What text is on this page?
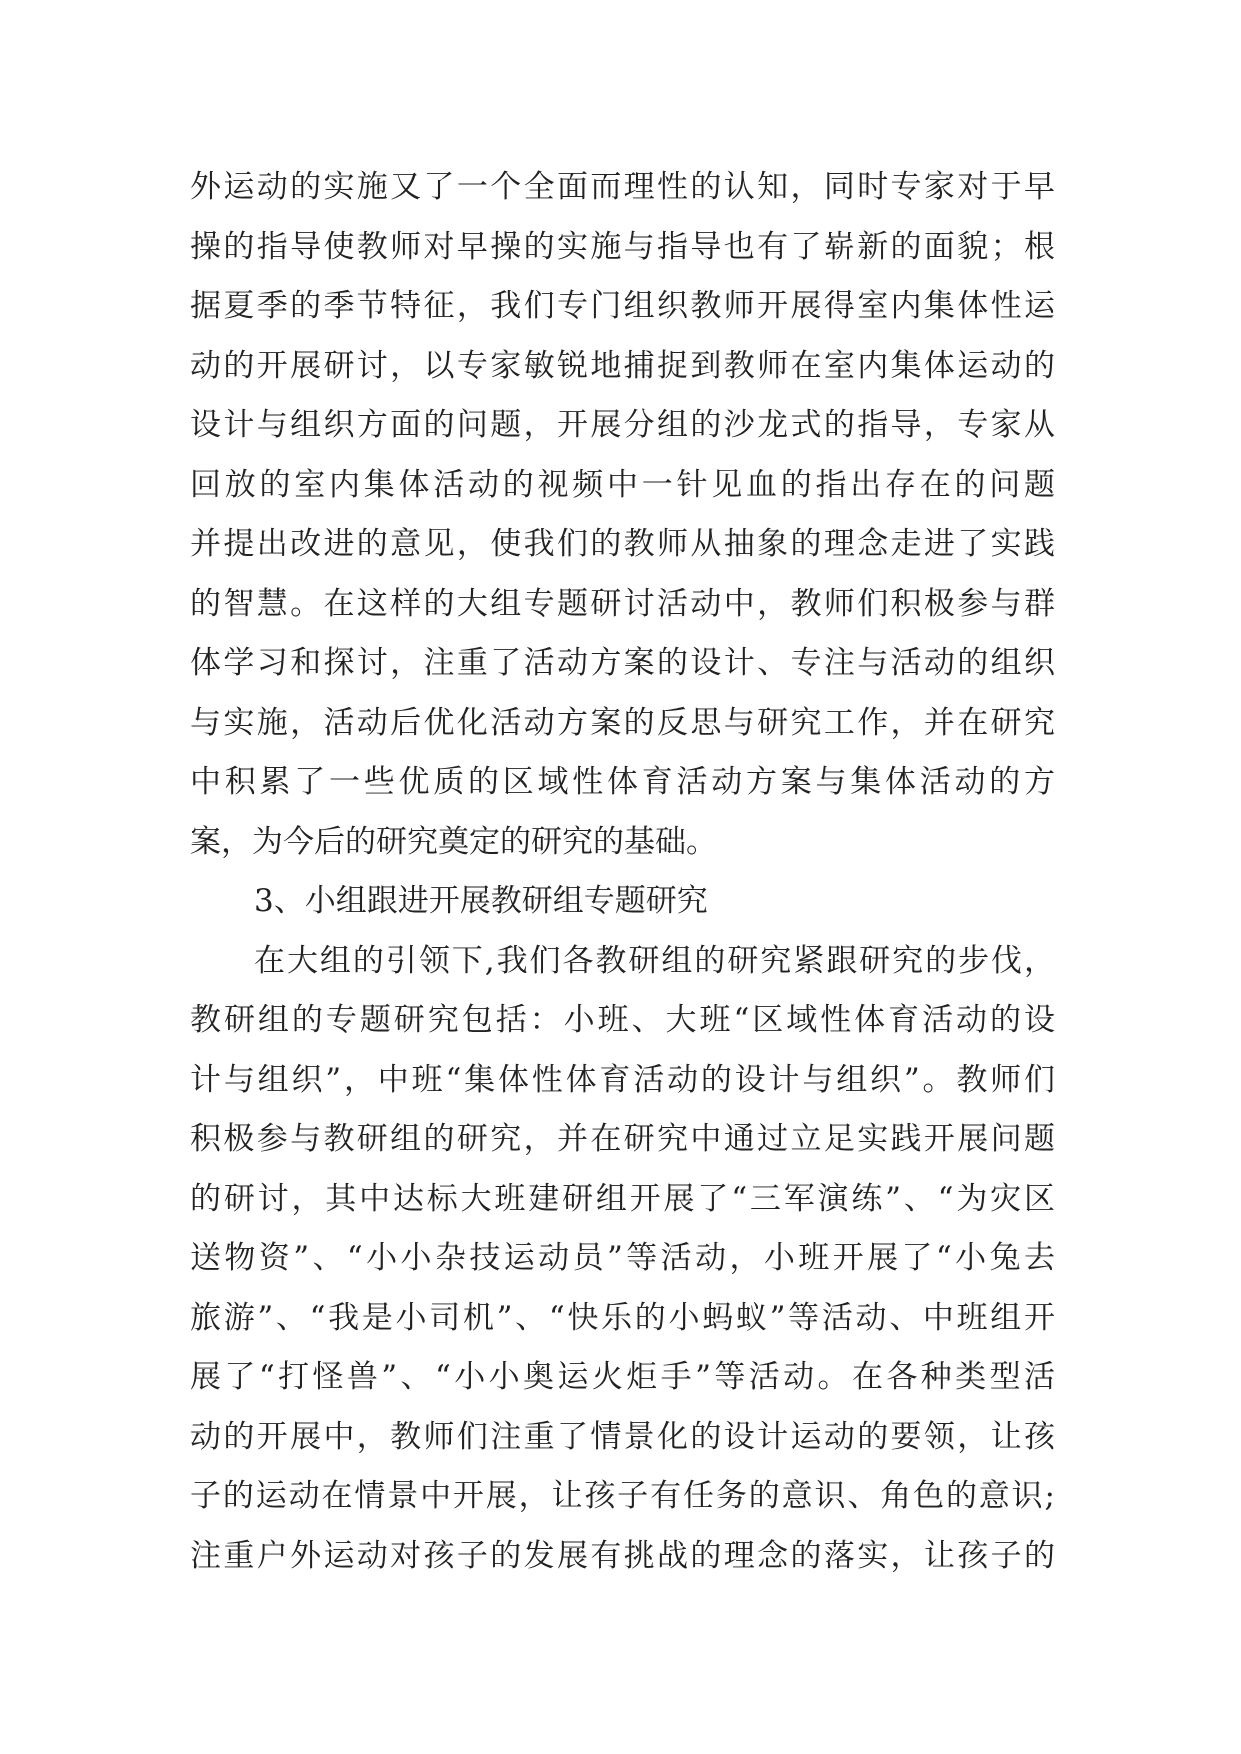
外运动的实施又了一个全面而理性的认知，同时专家对于早
操的指导使教师对早操的实施与指导也有了崭新的面貌；根
据夏季的季节特征，我们专门组织教师开展得室内集体性运
动的开展研讨，以专家敏锐地捕捉到教师在室内集体运动的
设计与组织方面的问题，开展分组的沙龙式的指导，专家从
回放的室内集体活动的视频中一针见血的指出存在的问题
并提出改进的意见，使我们的教师从抽象的理念走进了实践
的智慧。在这样的大组专题研讨活动中，教师们积极参与群
体学习和探讨，注重了活动方案的设计、专注与活动的组织
与实施，活动后优化活动方案的反思与研究工作，并在研究
中积累了一些优质的区域性体育活动方案与集体活动的方
案，为今后的研究奠定的研究的基础。
3、小组跟进开展教研组专题研究
在大组的引领下,我们各教研组的研究紧跟研究的步伐，
教研组的专题研究包括：小班、大班“区域性体育活动的设
计与组织”，中班“集体性体育活动的设计与组织”。教师们
积极参与教研组的研究，并在研究中通过立足实践开展问题
的研讨，其中达标大班建研组开展了“三军演练”、“为灾区
送物资”、“小小杂技运动员”等活动，小班开展了“小兔去
旅游”、“我是小司机”、“快乐的小蚂蚁”等活动、中班组开
展了“打怪兽”、“小小奥运火炬手”等活动。在各种类型活
动的开展中，教师们注重了情景化的设计运动的要领，让孩
子的运动在情景中开展，让孩子有任务的意识、角色的意识;
注重户外运动对孩子的发展有挑战的理念的落实，让孩子的
